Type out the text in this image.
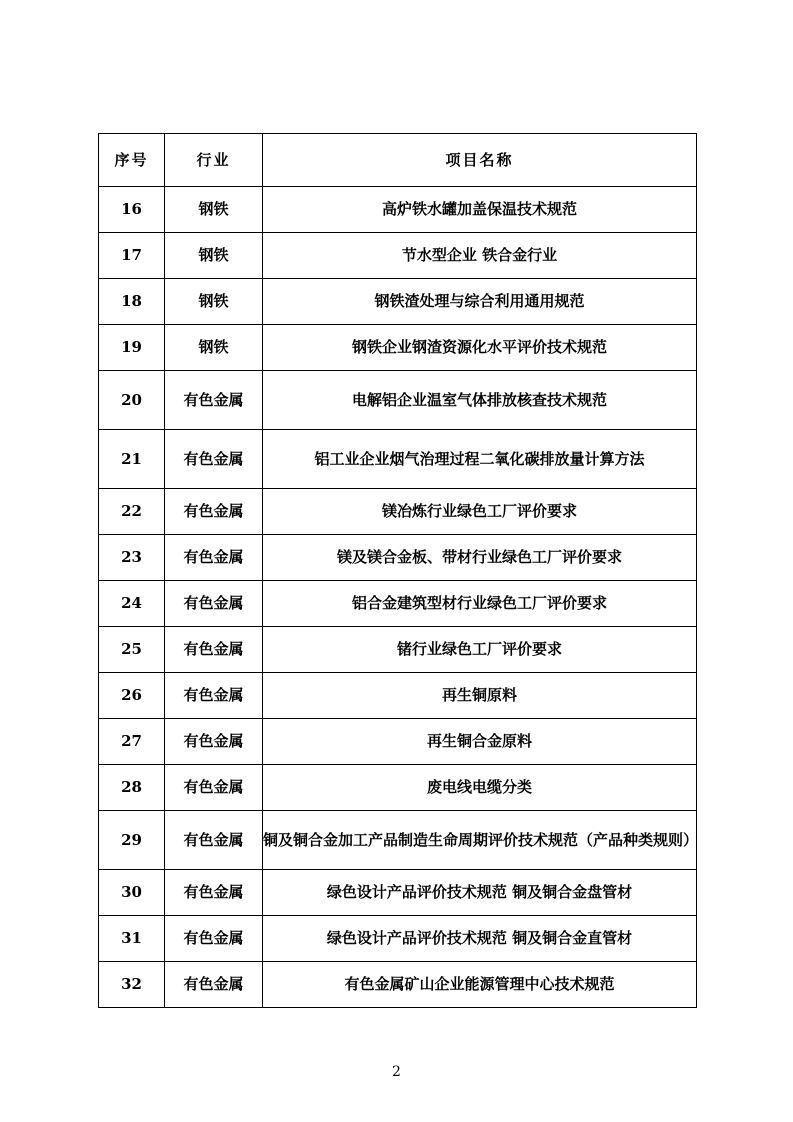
序号	行业	项目名称
16	钢铁	高炉铁水罐加盖保温技术规范
17	钢铁	节水型企业 铁合金行业
18	钢铁	钢铁渣处理与综合利用通用规范
19	钢铁	钢铁企业钢渣资源化水平评价技术规范
20	有色金属	电解铝企业温室气体排放核查技术规范
21	有色金属	铝工业企业烟气治理过程二氧化碳排放量计算方法
22	有色金属	镁冶炼行业绿色工厂评价要求
23	有色金属	镁及镁合金板、带材行业绿色工厂评价要求
24	有色金属	铝合金建筑型材行业绿色工厂评价要求
25	有色金属	锗行业绿色工厂评价要求
26	有色金属	再生铜原料
27	有色金属	再生铜合金原料
28	有色金属	废电线电缆分类
29	有色金属	铜及铜合金加工产品制造生命周期评价技术规范（产品种类规则）
30	有色金属	绿色设计产品评价技术规范 铜及铜合金盘管材
31	有色金属	绿色设计产品评价技术规范 铜及铜合金直管材
32	有色金属	有色金属矿山企业能源管理中心技术规范
2
